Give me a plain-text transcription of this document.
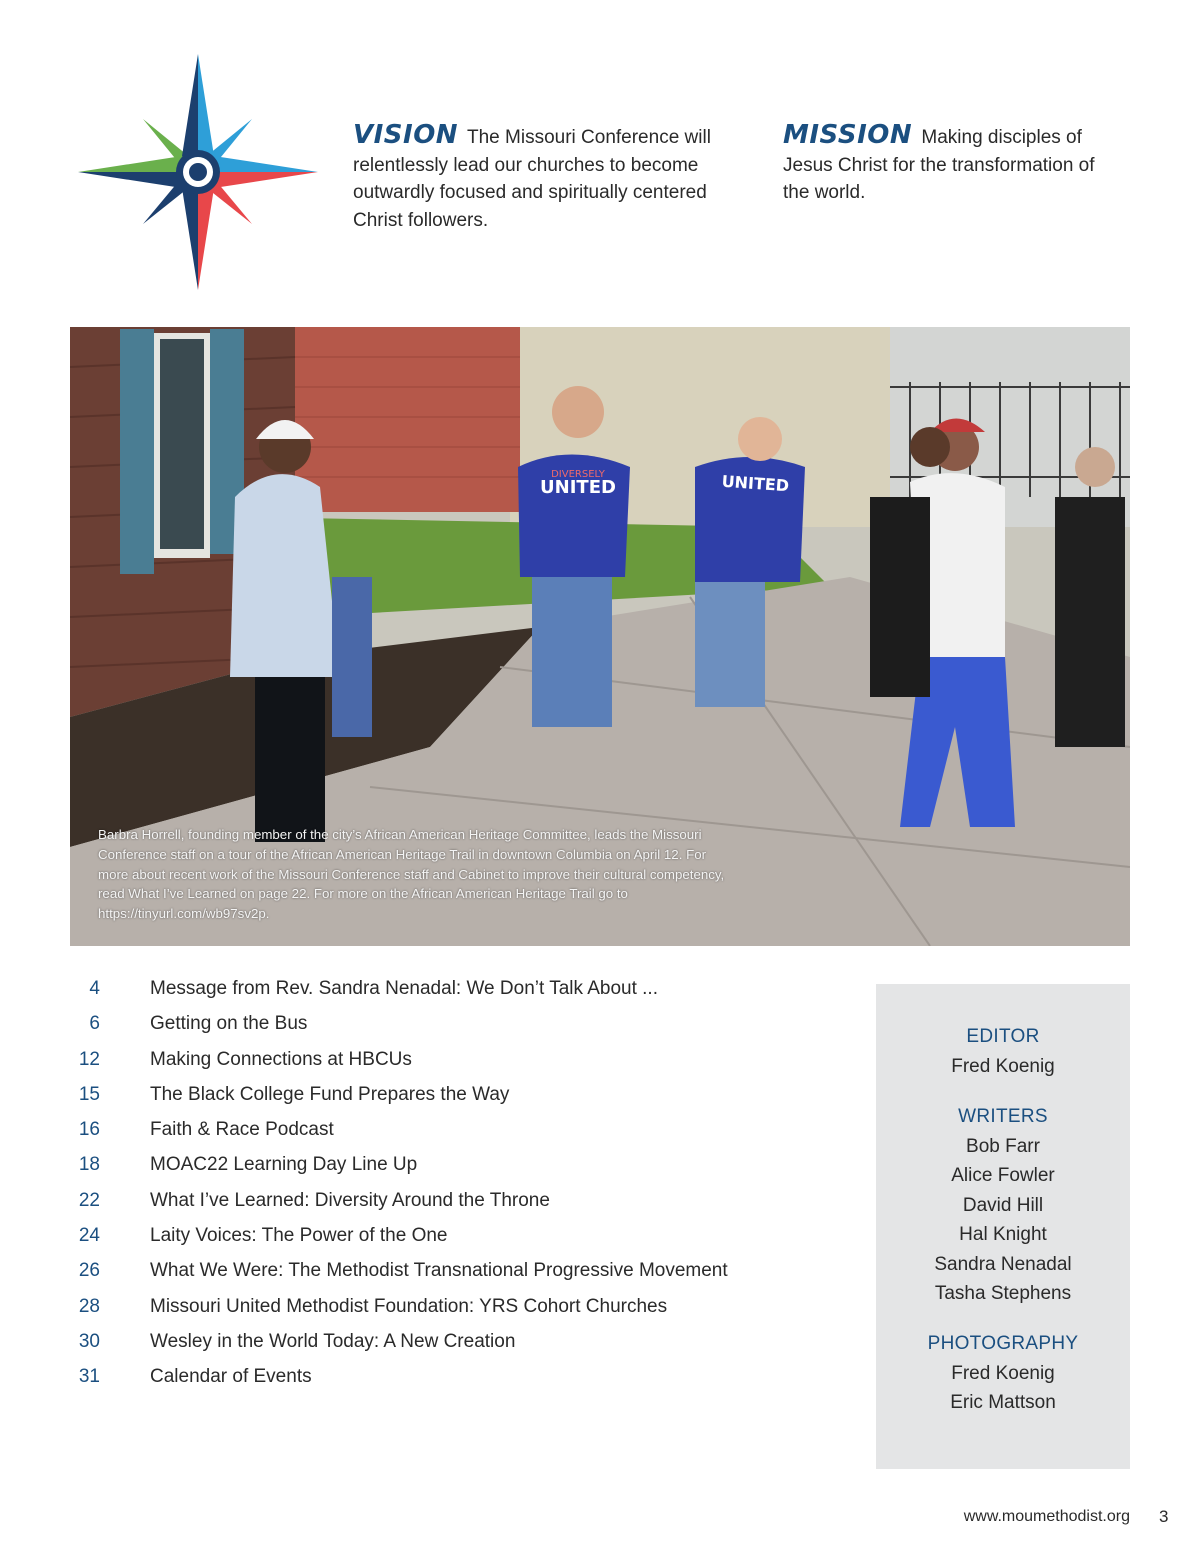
VISION The Missouri Conference will relentlessly lead our churches to become outwardly focused and spiritually centered Christ followers.
MISSION Making disciples of Jesus Christ for the transformation of the world.
DIVERSELY
UNITED	UNITED
Barbra Horrell, founding member of the city’s African American Heritage Committee, leads the Missouri Conference staff on a tour of the African American Heritage Trail in downtown Columbia on April 12. For more about recent work of the Missouri Conference staff and Cabinet to improve their cultural competency, read What I’ve Learned on page 22. For more on the African American Heritage Trail go to https://tinyurl.com/wb97sv2p.
4	Message from Rev. Sandra Nenadal: We Don’t Talk About ...
6	Getting on the Bus
12	Making Connections at HBCUs
15	The Black College Fund Prepares the Way
16	Faith & Race Podcast
18	MOAC22 Learning Day Line Up
22	What I’ve Learned: Diversity Around the Throne
24	Laity Voices: The Power of the One
26	What We Were: The Methodist Transnational Progressive Movement
28	Missouri United Methodist Foundation: YRS Cohort Churches
30	Wesley in the World Today: A New Creation
31	Calendar of Events
EDITOR
Fred Koenig
WRITERS
Bob Farr
Alice Fowler
David Hill
Hal Knight
Sandra Nenadal
Tasha Stephens
PHOTOGRAPHY
Fred Koenig
Eric Mattson
www.moumethodist.org 3
